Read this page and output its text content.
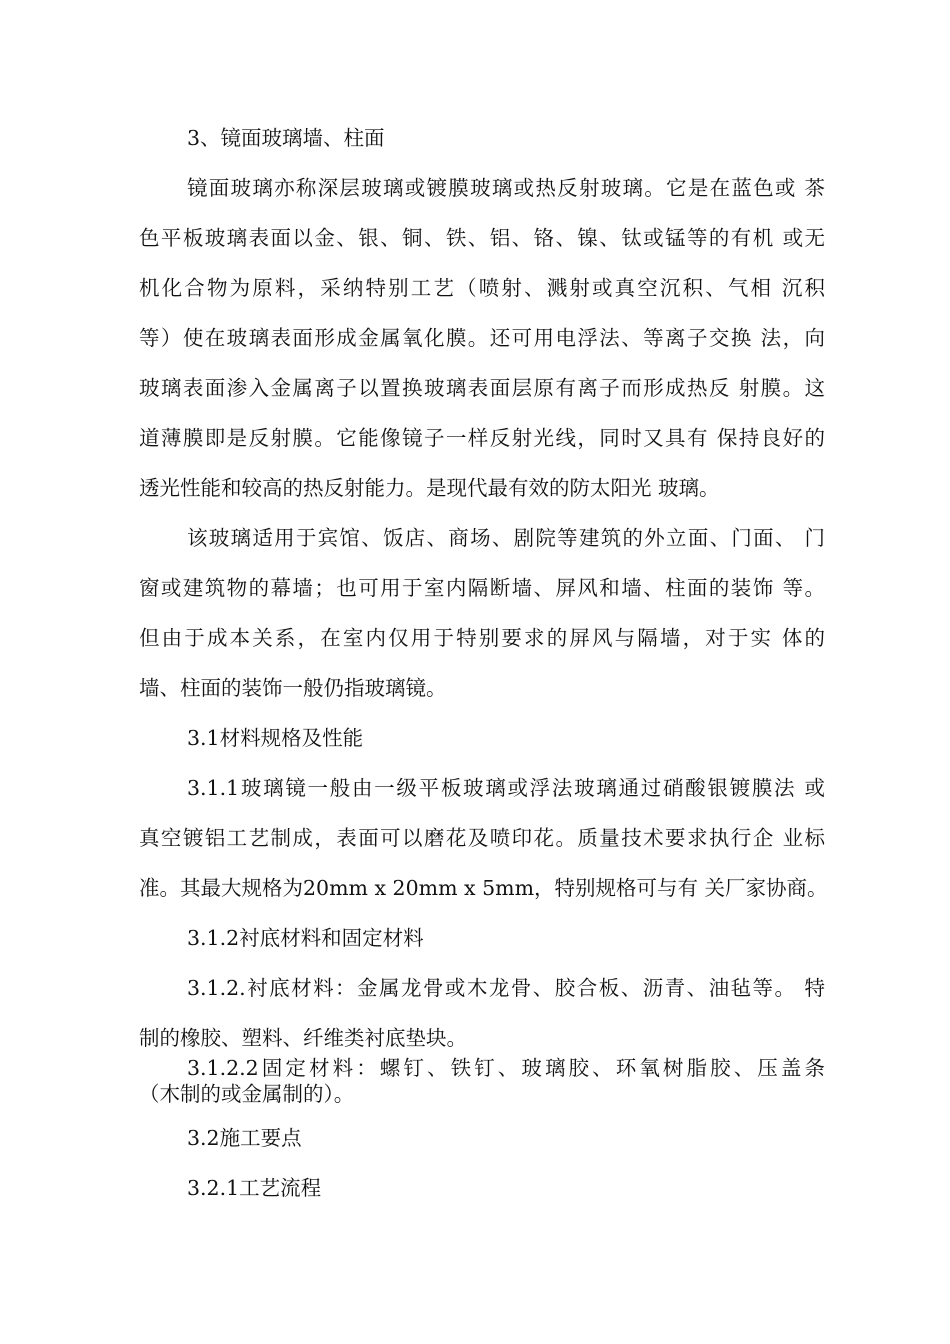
3、镜面玻璃墙、柱面
镜面玻璃亦称深层玻璃或镀膜玻璃或热反射玻璃。它是在蓝色或 茶
色平板玻璃表面以金、银、铜、铁、铝、铬、镍、钛或锰等的有机 或无
机化合物为原料，采纳特别工艺（喷射、溅射或真空沉积、气相 沉积
等）使在玻璃表面形成金属氧化膜。还可用电浮法、等离子交换 法，向
玻璃表面渗入金属离子以置换玻璃表面层原有离子而形成热反 射膜。这
道薄膜即是反射膜。它能像镜子一样反射光线，同时又具有 保持良好的
透光性能和较高的热反射能力。是现代最有效的防太阳光 玻璃。
该玻璃适用于宾馆、饭店、商场、剧院等建筑的外立面、门面、 门
窗或建筑物的幕墙；也可用于室内隔断墙、屏风和墙、柱面的装饰 等。
但由于成本关系，在室内仅用于特别要求的屏风与隔墙，对于实 体的
墙、柱面的装饰一般仍指玻璃镜。
3.1材料规格及性能
3.1.1玻璃镜一般由一级平板玻璃或浮法玻璃通过硝酸银镀膜法 或
真空镀铝工艺制成，表面可以磨花及喷印花。质量技术要求执行企 业标
准。其最大规格为20mm x 20mm x 5mm，特别规格可与有 关厂家协商。
3.1.2衬底材料和固定材料
3.1.2.衬底材料：金属龙骨或木龙骨、胶合板、沥青、油毡等。 特
制的橡胶、塑料、纤维类衬底垫块。
3.1.2.2固定材料：螺钉、铁钉、玻璃胶、环氧树脂胶、压盖条
（木制的或金属制的）。
3.2施工要点
3.2.1工艺流程
